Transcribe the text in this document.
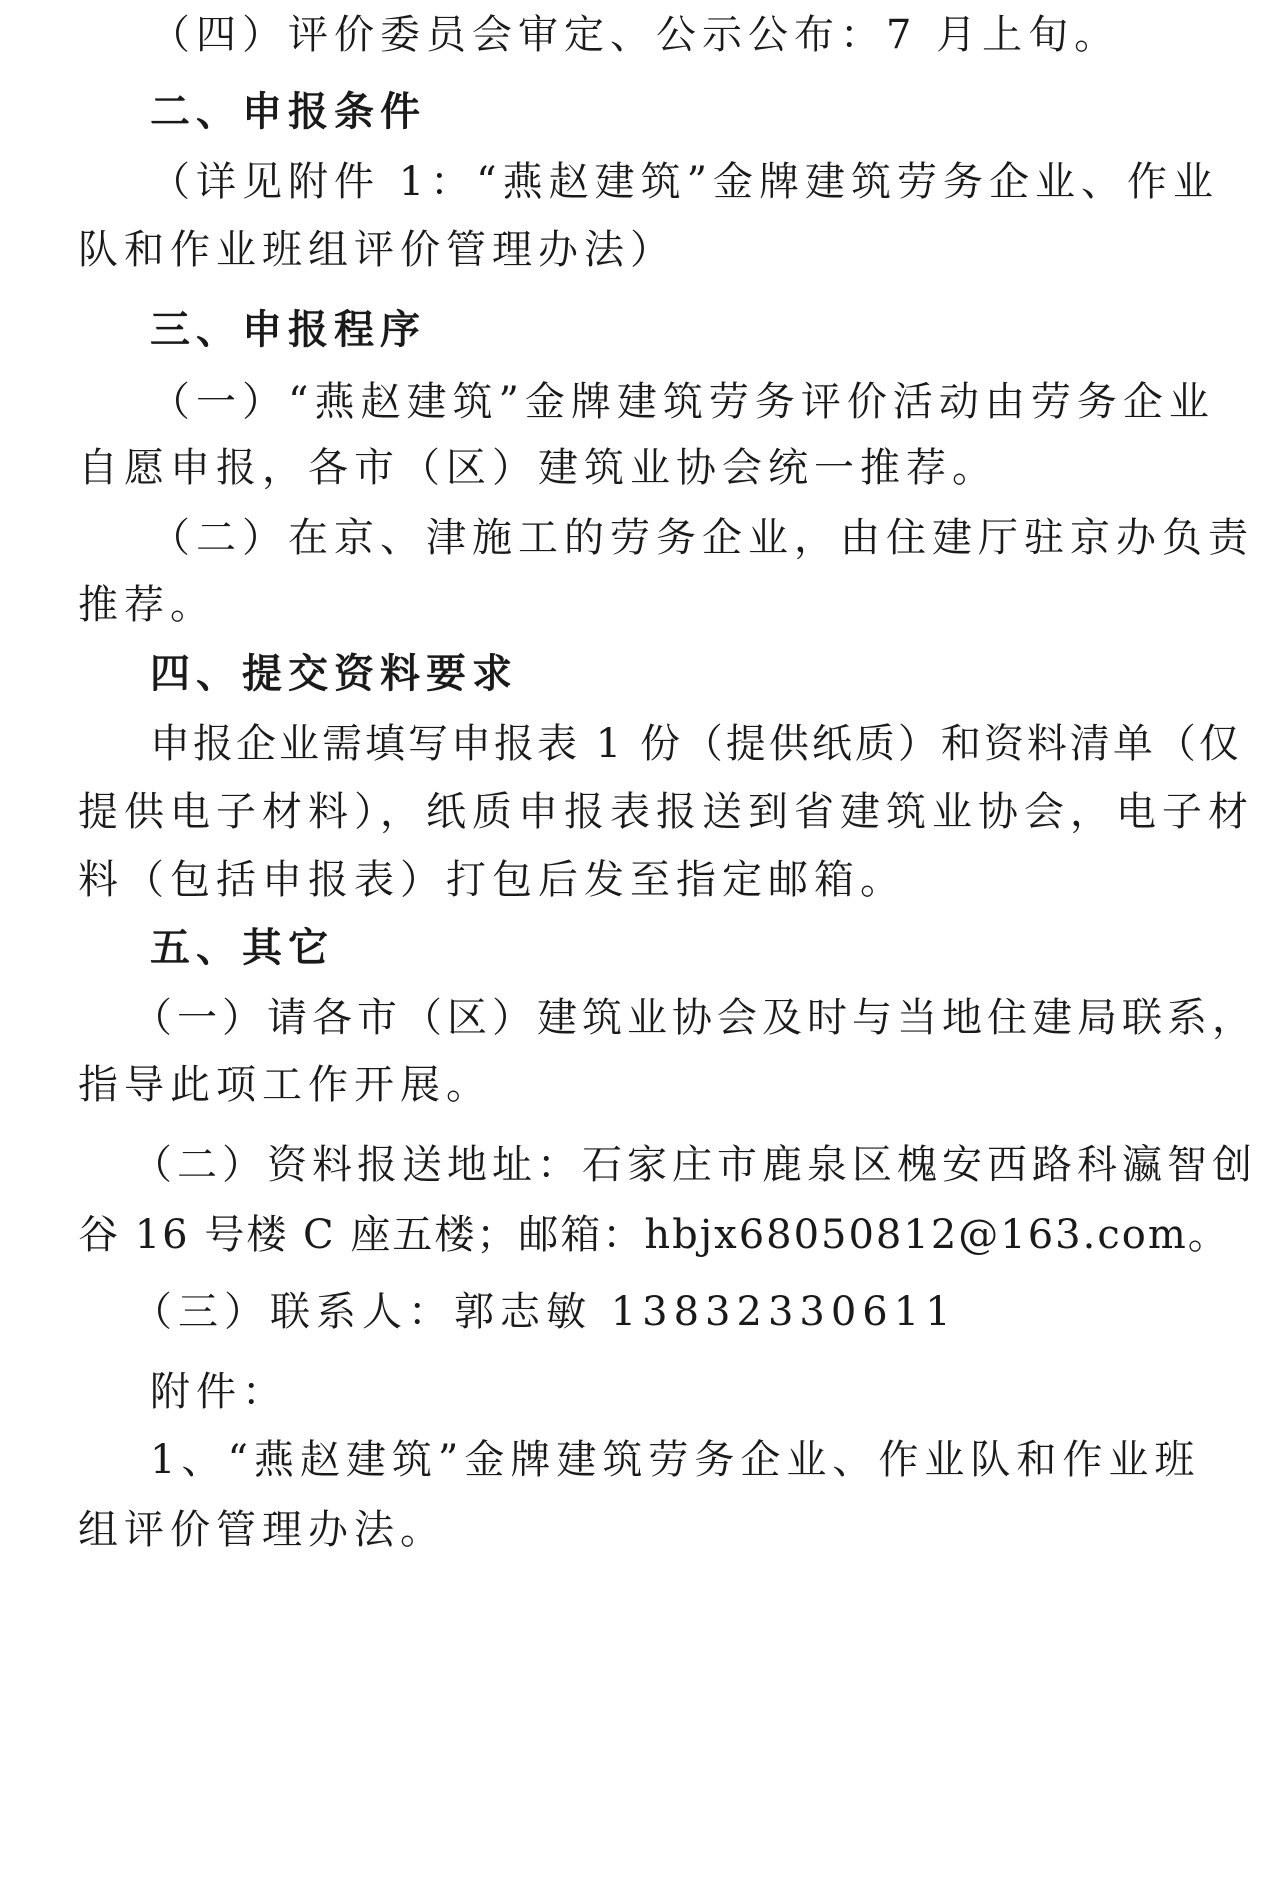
（四）评价委员会审定、公示公布：7 月上旬。
二、申报条件
（详见附件 1：“燕赵建筑”金牌建筑劳务企业、作业
队和作业班组评价管理办法）
三、申报程序
（一）“燕赵建筑”金牌建筑劳务评价活动由劳务企业
自愿申报，各市（区）建筑业协会统一推荐。
（二）在京、津施工的劳务企业，由住建厅驻京办负责
推荐。
四、提交资料要求
申报企业需填写申报表 1 份（提供纸质）和资料清单（仅
提供电子材料），纸质申报表报送到省建筑业协会，电子材
料（包括申报表）打包后发至指定邮箱。
五、其它
（一）请各市（区）建筑业协会及时与当地住建局联系，
指导此项工作开展。
（二）资料报送地址：石家庄市鹿泉区槐安西路科瀛智创
谷 16 号楼 C 座五楼；邮箱：hbjx68050812@163.com。
（三）联系人：郭志敏 13832330611
附件：
1、“燕赵建筑”金牌建筑劳务企业、作业队和作业班
组评价管理办法。
